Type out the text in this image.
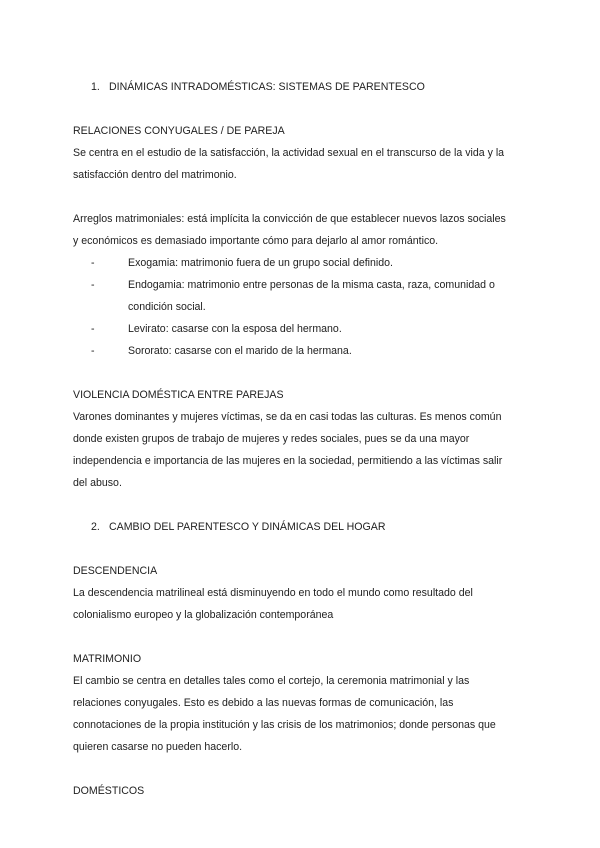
1. DINÁMICAS INTRADOMÉSTICAS: SISTEMAS DE PARENTESCO
RELACIONES CONYUGALES / DE PAREJA
Se centra en el estudio de la satisfacción, la actividad sexual en el transcurso de la vida y la
satisfacción dentro del matrimonio.
Arreglos matrimoniales: está implícita la convicción de que establecer nuevos lazos sociales
y económicos es demasiado importante cómo para dejarlo al amor romántico.
-	Exogamia: matrimonio fuera de un grupo social definido.
-	Endogamia: matrimonio entre personas de la misma casta, raza, comunidad o
condición social.
-	Levirato: casarse con la esposa del hermano.
-	Sororato: casarse con el marido de la hermana.
VIOLENCIA DOMÉSTICA ENTRE PAREJAS
Varones dominantes y mujeres víctimas, se da en casi todas las culturas. Es menos común
donde existen grupos de trabajo de mujeres y redes sociales, pues se da una mayor
independencia e importancia de las mujeres en la sociedad, permitiendo a las víctimas salir
del abuso.
2. CAMBIO DEL PARENTESCO Y DINÁMICAS DEL HOGAR
DESCENDENCIA
La descendencia matrilineal está disminuyendo en todo el mundo como resultado del
colonialismo europeo y la globalización contemporánea
MATRIMONIO
El cambio se centra en detalles tales como el cortejo, la ceremonia matrimonial y las
relaciones conyugales. Esto es debido a las nuevas formas de comunicación, las
connotaciones de la propia institución y las crisis de los matrimonios; donde personas que
quieren casarse no pueden hacerlo.
DOMÉSTICOS
